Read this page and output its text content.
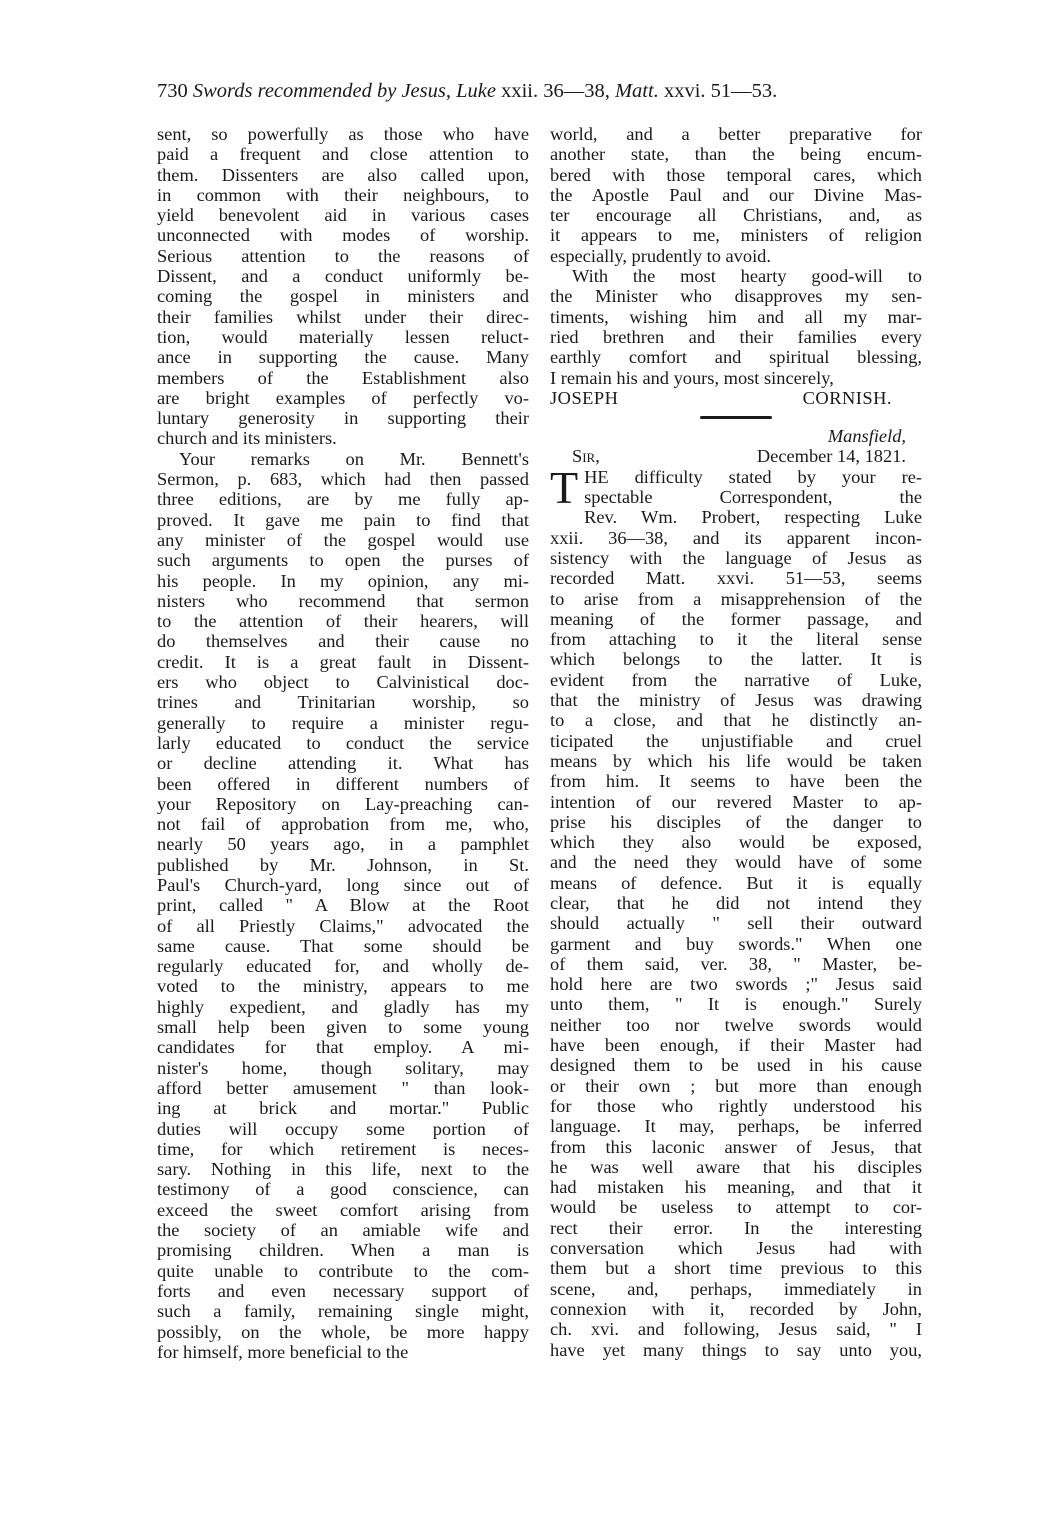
730 Swords recommended by Jesus, Luke xxii. 36—38, Matt. xxvi. 51—53.
sent, so powerfully as those who have
paid a frequent and close attention to
them. Dissenters are also called upon,
in common with their neighbours, to
yield benevolent aid in various cases
unconnected with modes of worship.
Serious attention to the reasons of
Dissent, and a conduct uniformly be-
coming the gospel in ministers and
their families whilst under their direc-
tion, would materially lessen reluct-
ance in supporting the cause. Many
members of the Establishment also
are bright examples of perfectly vo-
luntary generosity in supporting their
church and its ministers.
Your remarks on Mr. Bennett's
Sermon, p. 683, which had then passed
three editions, are by me fully ap-
proved. It gave me pain to find that
any minister of the gospel would use
such arguments to open the purses of
his people. In my opinion, any mi-
nisters who recommend that sermon
to the attention of their hearers, will
do themselves and their cause no
credit. It is a great fault in Dissent-
ers who object to Calvinistical doc-
trines and Trinitarian worship, so
generally to require a minister regu-
larly educated to conduct the service
or decline attending it. What has
been offered in different numbers of
your Repository on Lay-preaching can-
not fail of approbation from me, who,
nearly 50 years ago, in a pamphlet
published by Mr. Johnson, in St.
Paul's Church-yard, long since out of
print, called " A Blow at the Root
of all Priestly Claims," advocated the
same cause. That some should be
regularly educated for, and wholly de-
voted to the ministry, appears to me
highly expedient, and gladly has my
small help been given to some young
candidates for that employ. A mi-
nister's home, though solitary, may
afford better amusement " than look-
ing at brick and mortar." Public
duties will occupy some portion of
time, for which retirement is neces-
sary. Nothing in this life, next to the
testimony of a good conscience, can
exceed the sweet comfort arising from
the society of an amiable wife and
promising children. When a man is
quite unable to contribute to the com-
forts and even necessary support of
such a family, remaining single might,
possibly, on the whole, be more happy
for himself, more beneficial to the
world, and a better preparative for
another state, than the being encum-
bered with those temporal cares, which
the Apostle Paul and our Divine Mas-
ter encourage all Christians, and, as
it appears to me, ministers of religion
especially, prudently to avoid.
With the most hearty good-will to
the Minister who disapproves my sen-
timents, wishing him and all my mar-
ried brethren and their families every
earthly comfort and spiritual blessing,
I remain his and yours, most sincerely,
JOSEPH CORNISH.
Mansfield,
Sir,	December 14, 1821.
T HE difficulty stated by your re-
spectable Correspondent, the
Rev. Wm. Probert, respecting Luke
xxii. 36—38, and its apparent incon-
sistency with the language of Jesus as
recorded Matt. xxvi. 51—53, seems
to arise from a misapprehension of the
meaning of the former passage, and
from attaching to it the literal sense
which belongs to the latter. It is
evident from the narrative of Luke,
that the ministry of Jesus was drawing
to a close, and that he distinctly an-
ticipated the unjustifiable and cruel
means by which his life would be taken
from him. It seems to have been the
intention of our revered Master to ap-
prise his disciples of the danger to
which they also would be exposed,
and the need they would have of some
means of defence. But it is equally
clear, that he did not intend they
should actually " sell their outward
garment and buy swords." When one
of them said, ver. 38, " Master, be-
hold here are two swords ;" Jesus said
unto them, " It is enough." Surely
neither too nor twelve swords would
have been enough, if their Master had
designed them to be used in his cause
or their own ; but more than enough
for those who rightly understood his
language. It may, perhaps, be inferred
from this laconic answer of Jesus, that
he was well aware that his disciples
had mistaken his meaning, and that it
would be useless to attempt to cor-
rect their error. In the interesting
conversation which Jesus had with
them but a short time previous to this
scene, and, perhaps, immediately in
connexion with it, recorded by John,
ch. xvi. and following, Jesus said, " I
have yet many things to say unto you,
